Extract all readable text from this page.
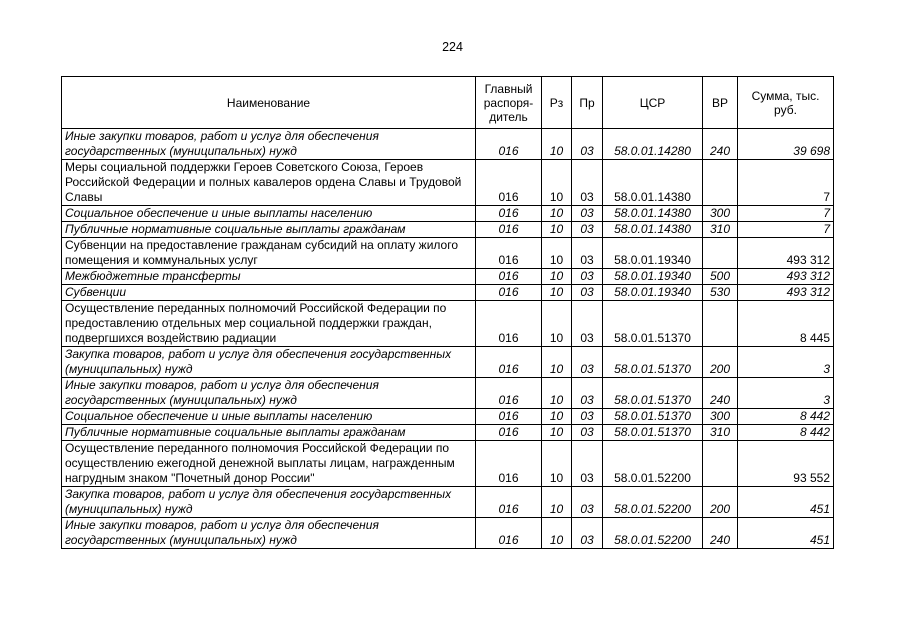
224
Наименование	Главный распоря-дитель	Рз	Пр	ЦСР	ВР	Сумма, тыс. руб.
Иные закупки товаров, работ и услуг для обеспечения государственных (муниципальных) нужд	016	10	03	58.0.01.14280	240	39 698
Меры социальной поддержки Героев Советского Союза, Героев Российской Федерации и полных кавалеров ордена Славы и Трудовой Славы	016	10	03	58.0.01.14380		7
Социальное обеспечение и иные выплаты населению	016	10	03	58.0.01.14380	300	7
Публичные нормативные социальные выплаты гражданам	016	10	03	58.0.01.14380	310	7
Субвенции на предоставление гражданам субсидий на оплату жилого помещения и коммунальных услуг	016	10	03	58.0.01.19340		493 312
Межбюджетные трансферты	016	10	03	58.0.01.19340	500	493 312
Субвенции	016	10	03	58.0.01.19340	530	493 312
Осуществление переданных полномочий Российской Федерации по предоставлению отдельных мер социальной поддержки граждан, подвергшихся воздействию радиации	016	10	03	58.0.01.51370		8 445
Закупка товаров, работ и услуг для обеспечения государственных (муниципальных) нужд	016	10	03	58.0.01.51370	200	3
Иные закупки товаров, работ и услуг для обеспечения государственных (муниципальных) нужд	016	10	03	58.0.01.51370	240	3
Социальное обеспечение и иные выплаты населению	016	10	03	58.0.01.51370	300	8 442
Публичные нормативные социальные выплаты гражданам	016	10	03	58.0.01.51370	310	8 442
Осуществление переданного полномочия Российской Федерации по осуществлению ежегодной денежной выплаты лицам, награжденным нагрудным знаком "Почетный донор России"	016	10	03	58.0.01.52200		93 552
Закупка товаров, работ и услуг для обеспечения государственных (муниципальных) нужд	016	10	03	58.0.01.52200	200	451
Иные закупки товаров, работ и услуг для обеспечения государственных (муниципальных) нужд	016	10	03	58.0.01.52200	240	451
